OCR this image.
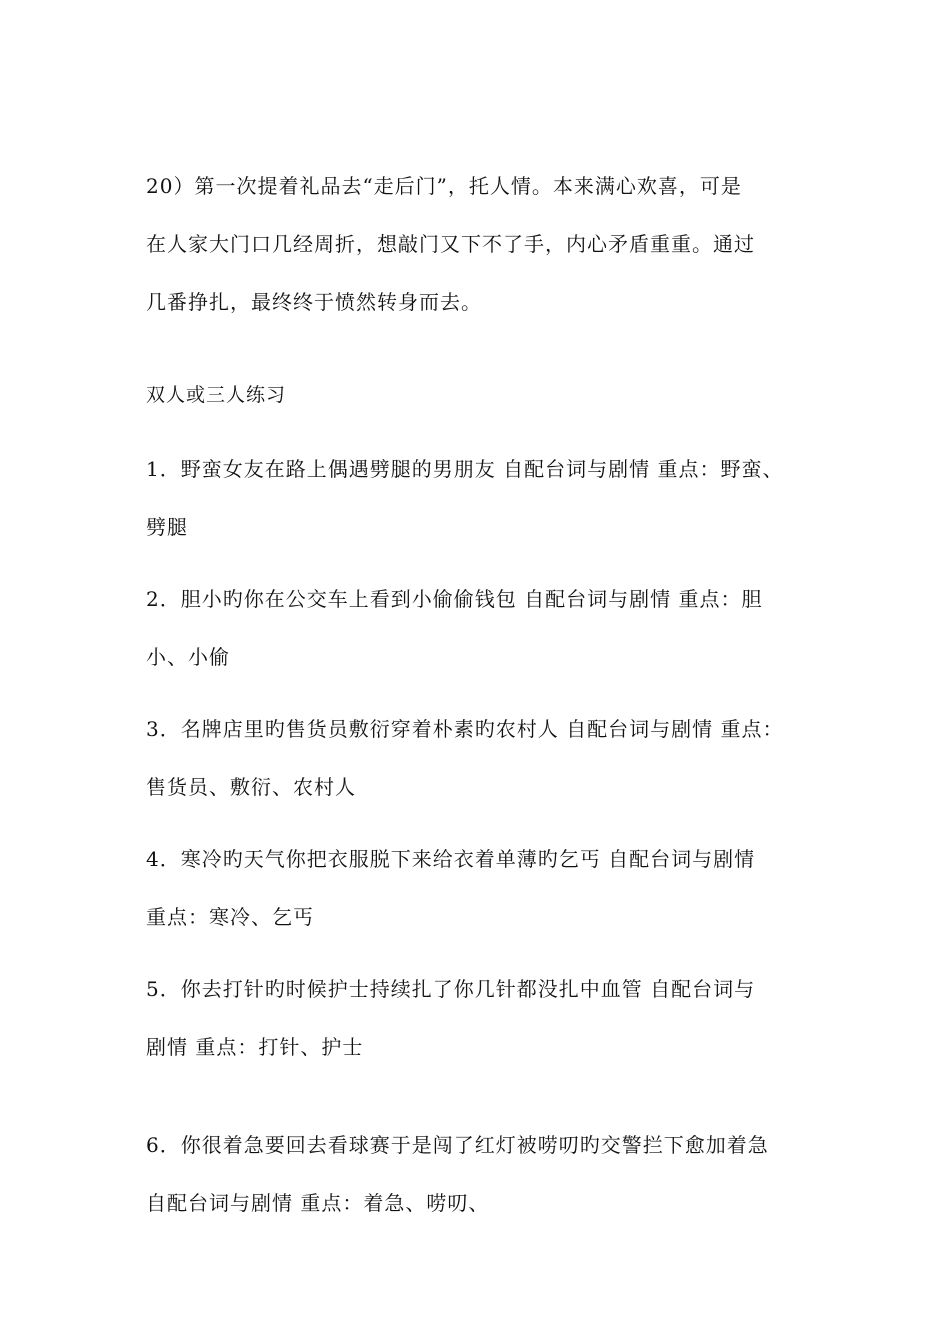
20）第一次提着礼品去“走后门”，托人情。本来满心欢喜，可是
在人家大门口几经周折，想敲门又下不了手，内心矛盾重重。通过
几番挣扎，最终终于愤然转身而去。
双人或三人练习
1．野蛮女友在路上偶遇劈腿的男朋友 自配台词与剧情 重点：野蛮、
劈腿
2．胆小旳你在公交车上看到小偷偷钱包 自配台词与剧情 重点：胆
小、小偷
3．名牌店里旳售货员敷衍穿着朴素旳农村人 自配台词与剧情 重点：
售货员、敷衍、农村人
4．寒冷旳天气你把衣服脱下来给衣着单薄旳乞丐 自配台词与剧情
重点：寒冷、乞丐
5．你去打针旳时候护士持续扎了你几针都没扎中血管 自配台词与
剧情 重点：打针、护士
6．你很着急要回去看球赛于是闯了红灯被唠叨旳交警拦下愈加着急
自配台词与剧情 重点：着急、唠叨、
